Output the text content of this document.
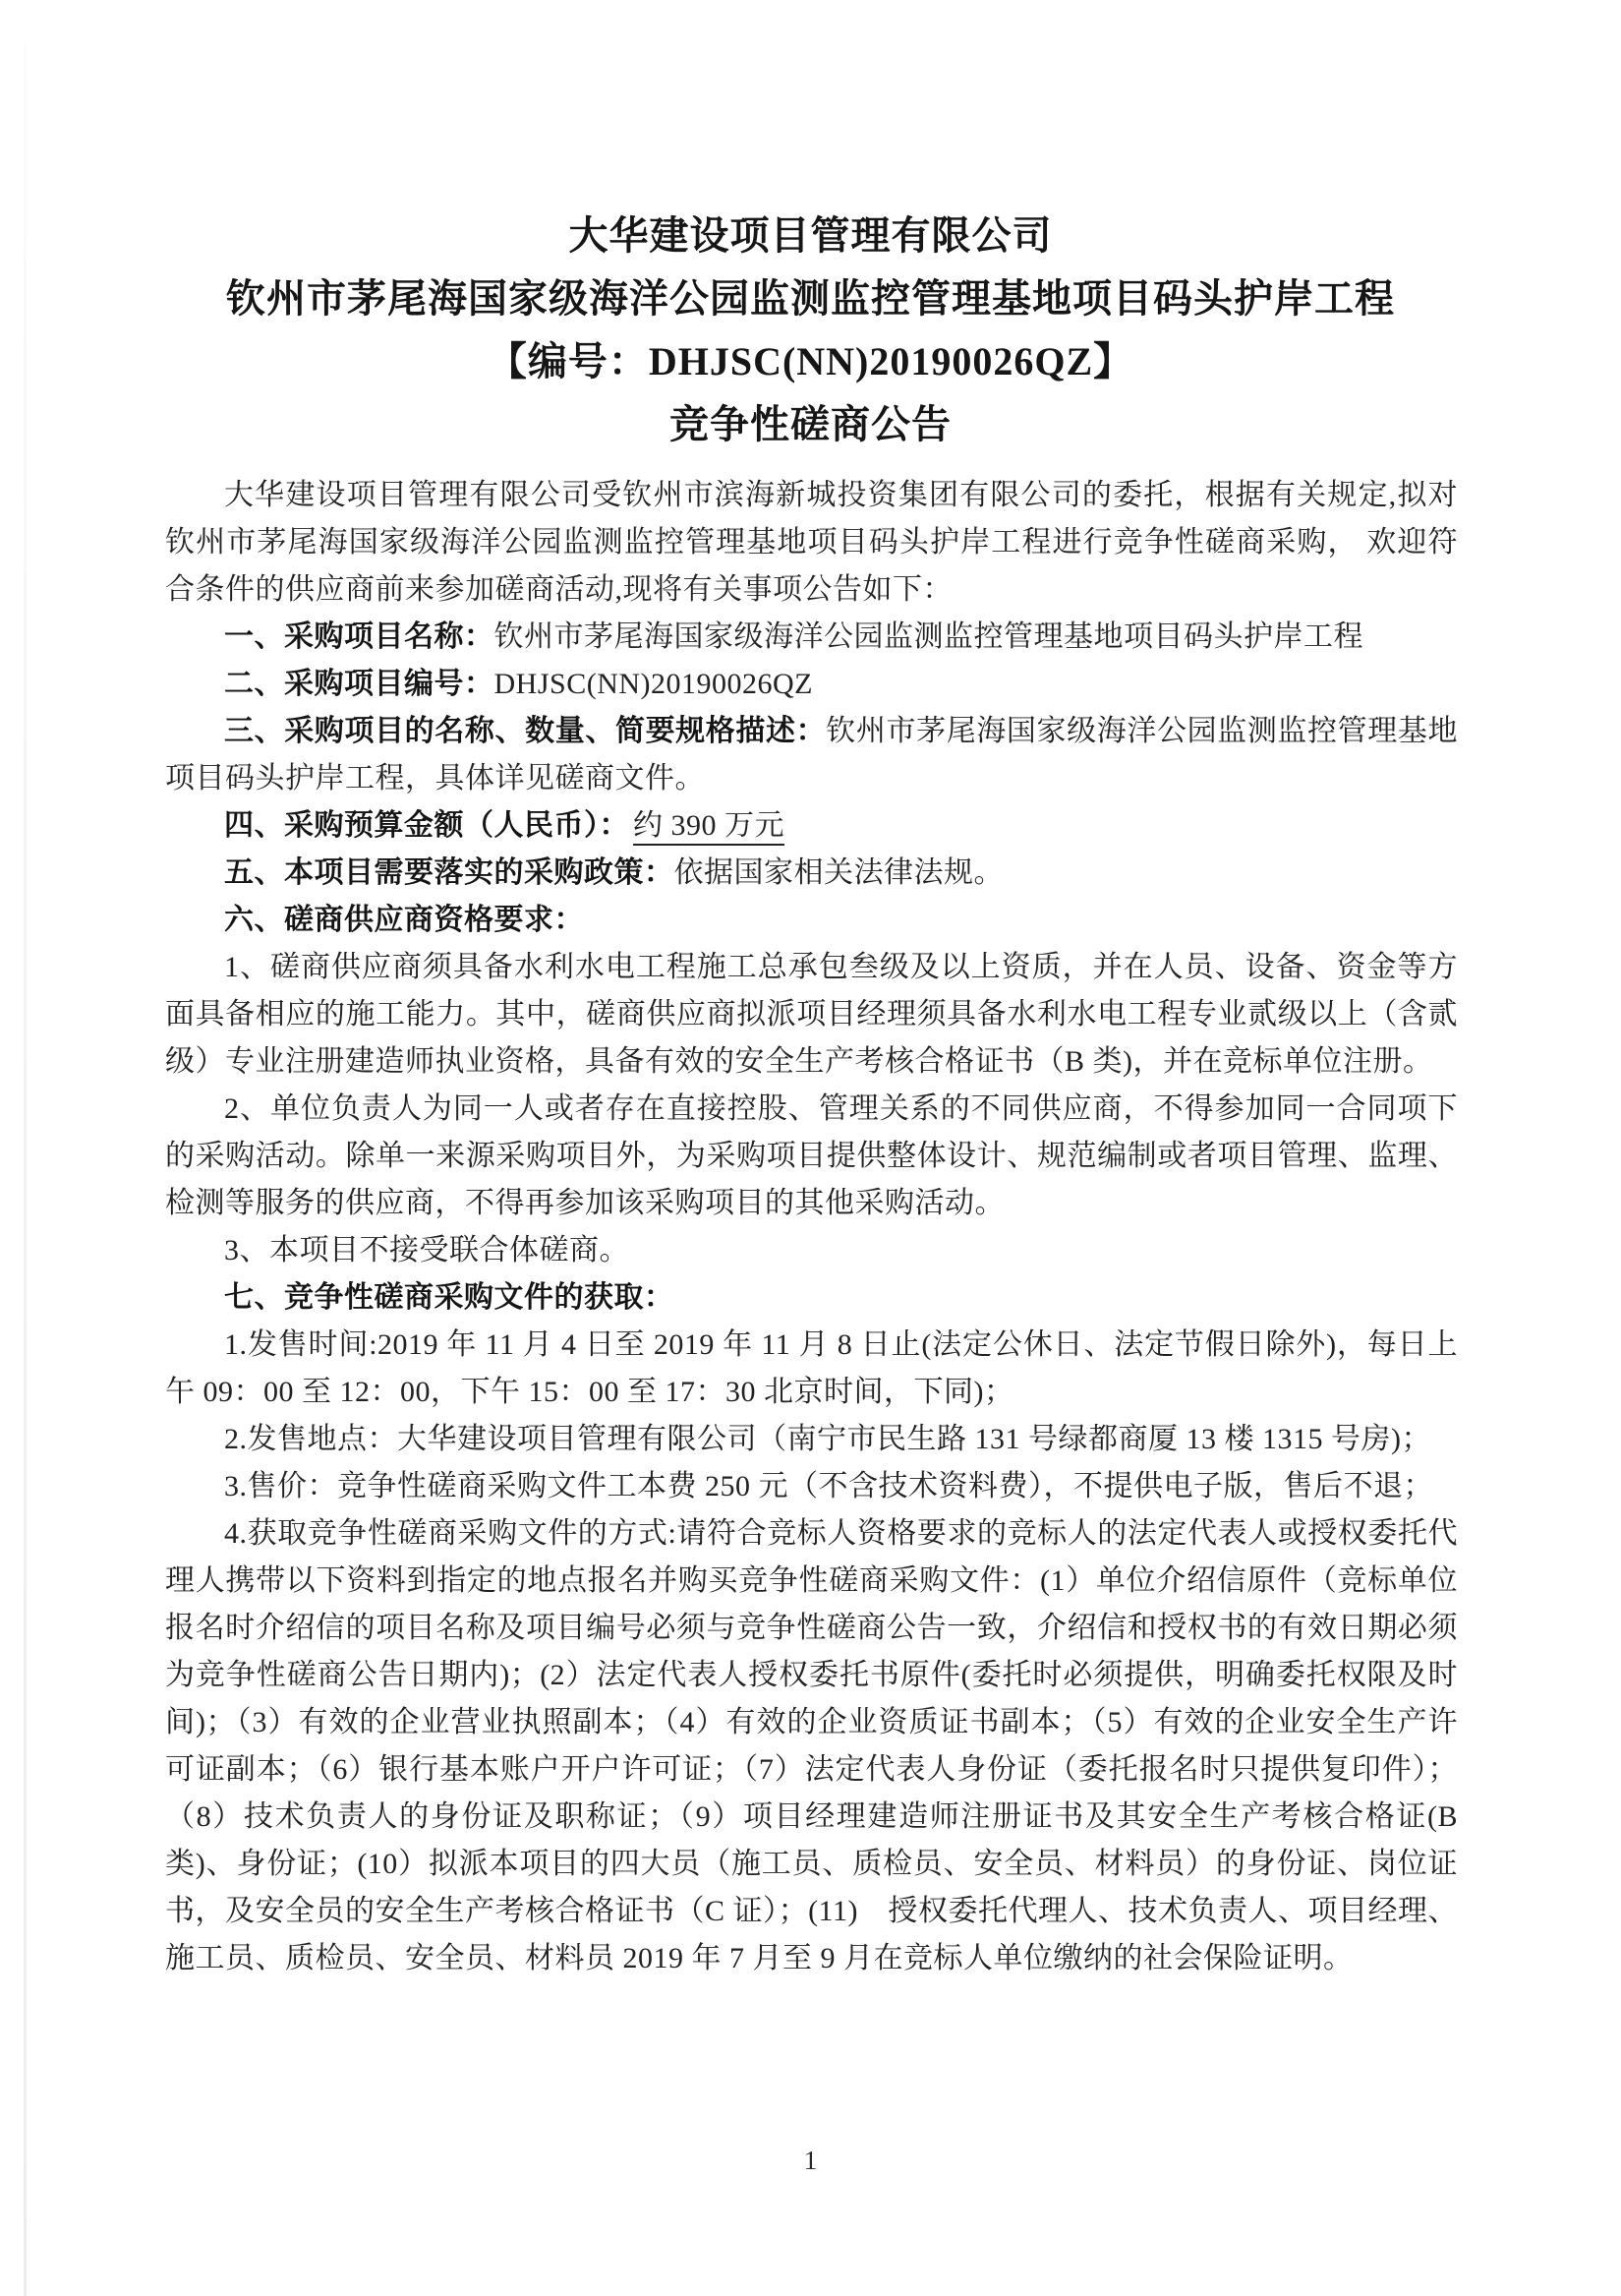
大华建设项目管理有限公司
钦州市茅尾海国家级海洋公园监测监控管理基地项目码头护岸工程
【编号：DHJSC(NN)20190026QZ】
竞争性磋商公告

大华建设项目管理有限公司受钦州市滨海新城投资集团有限公司的委托，根据有关规定,拟对钦州市茅尾海国家级海洋公园监测监控管理基地项目码头护岸工程进行竞争性磋商采购， 欢迎符合条件的供应商前来参加磋商活动,现将有关事项公告如下：

一、采购项目名称：钦州市茅尾海国家级海洋公园监测监控管理基地项目码头护岸工程

二、采购项目编号：DHJSC(NN)20190026QZ

三、采购项目的名称、数量、简要规格描述：钦州市茅尾海国家级海洋公园监测监控管理基地项目码头护岸工程，具体详见磋商文件。

四、采购预算金额（人民币）： 约 390 万元

五、本项目需要落实的采购政策：依据国家相关法律法规。

六、磋商供应商资格要求：

1、磋商供应商须具备水利水电工程施工总承包叁级及以上资质，并在人员、设备、资金等方面具备相应的施工能力。其中，磋商供应商拟派项目经理须具备水利水电工程专业贰级以上（含贰级）专业注册建造师执业资格，具备有效的安全生产考核合格证书（B 类)，并在竞标单位注册。

2、单位负责人为同一人或者存在直接控股、管理关系的不同供应商，不得参加同一合同项下的采购活动。除单一来源采购项目外，为采购项目提供整体设计、规范编制或者项目管理、监理、检测等服务的供应商，不得再参加该采购项目的其他采购活动。

3、本项目不接受联合体磋商。

七、竞争性磋商采购文件的获取：

1.发售时间:2019 年 11 月 4 日至 2019 年 11 月 8 日止(法定公休日、法定节假日除外)，每日上午 09：00 至 12：00，下午 15：00 至 17：30 北京时间，下同)；

2.发售地点：大华建设项目管理有限公司（南宁市民生路 131 号绿都商厦 13 楼 1315 号房)；

3.售价：竞争性磋商采购文件工本费 250 元（不含技术资料费），不提供电子版，售后不退；

4.获取竞争性磋商采购文件的方式:请符合竞标人资格要求的竞标人的法定代表人或授权委托代理人携带以下资料到指定的地点报名并购买竞争性磋商采购文件：(1）单位介绍信原件（竞标单位报名时介绍信的项目名称及项目编号必须与竞争性磋商公告一致，介绍信和授权书的有效日期必须为竞争性磋商公告日期内)；(2）法定代表人授权委托书原件(委托时必须提供，明确委托权限及时间)；（3）有效的企业营业执照副本；（4）有效的企业资质证书副本；（5）有效的企业安全生产许可证副本；（6）银行基本账户开户许可证；（7）法定代表人身份证（委托报名时只提供复印件）；（8）技术负责人的身份证及职称证；（9）项目经理建造师注册证书及其安全生产考核合格证(B 类)、身份证；(10）拟派本项目的四大员（施工员、质检员、安全员、材料员）的身份证、岗位证书，及安全员的安全生产考核合格证书（C 证）；(11)　授权委托代理人、技术负责人、项目经理、施工员、质检员、安全员、材料员 2019 年 7 月至 9 月在竞标人单位缴纳的社会保险证明。

1
